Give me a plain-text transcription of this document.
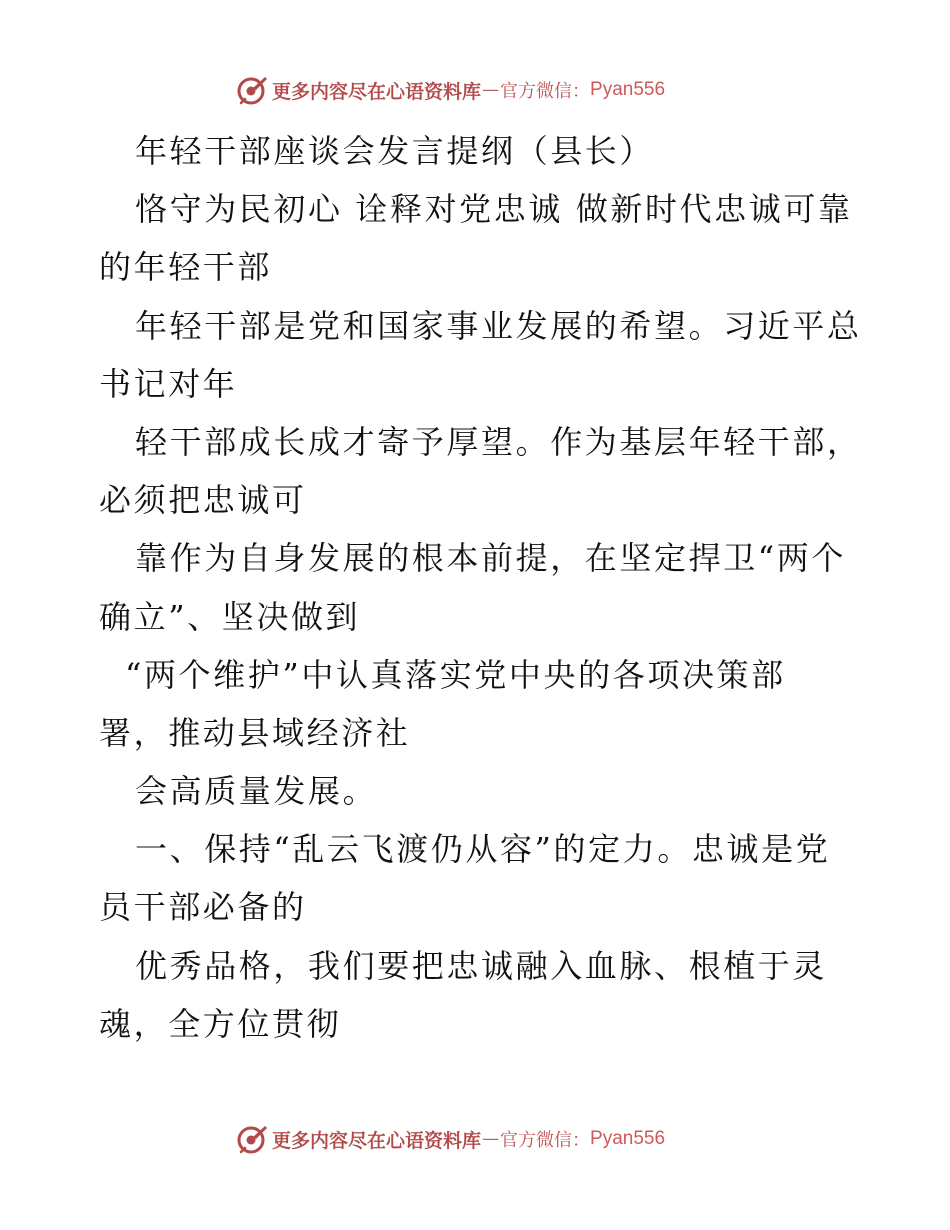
更多内容尽在心语资料库 — 官方微信： Pyan556
年轻干部座谈会发言提纲（县长）
恪守为民初心 诠释对党忠诚 做新时代忠诚可靠
的年轻干部
年轻干部是党和国家事业发展的希望。习近平总
书记对年
轻干部成长成才寄予厚望。作为基层年轻干部，
必须把忠诚可
靠作为自身发展的根本前提，在坚定捍卫“两个
确立”、坚决做到
“两个维护”中认真落实党中央的各项决策部
署，推动县域经济社
会高质量发展。
一、保持“乱云飞渡仍从容”的定力。忠诚是党
员干部必备的
优秀品格，我们要把忠诚融入血脉、根植于灵
魂，全方位贯彻
更多内容尽在心语资料库 — 官方微信： Pyan556
